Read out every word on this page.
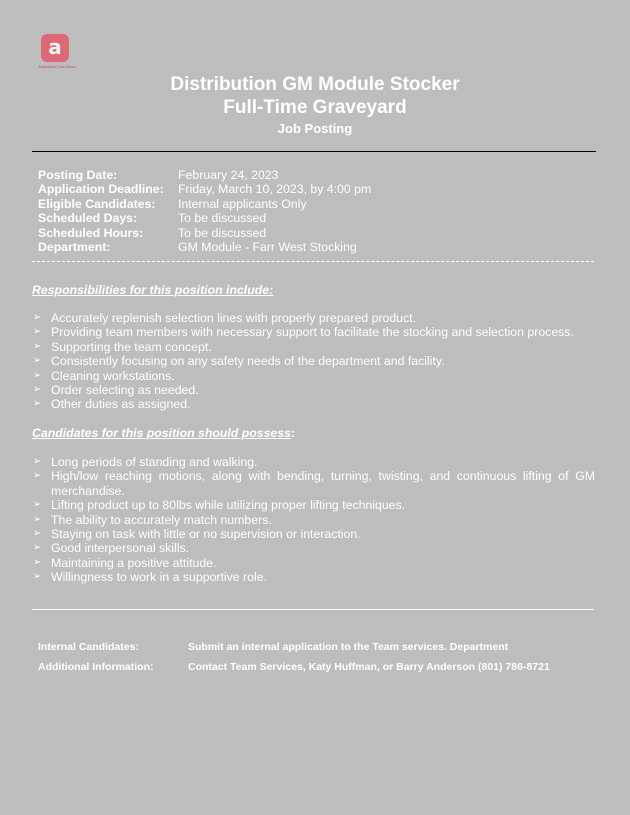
a
Associated Food Stores
Distribution GM Module Stocker
Full-Time Graveyard
Job Posting
Posting Date:	February 24, 2023
Application Deadline:	Friday, March 10, 2023, by 4:00 pm
Eligible Candidates:	Internal applicants Only
Scheduled Days:	To be discussed
Scheduled Hours:	To be discussed
Department:	GM Module - Farr West Stocking
Responsibilities for this position include:
➢ Accurately replenish selection lines with properly prepared product.
➢ Providing team members with necessary support to facilitate the stocking and selection process.
➢ Supporting the team concept.
➢ Consistently focusing on any safety needs of the department and facility.
➢ Cleaning workstations.
➢ Order selecting as needed.
➢ Other duties as assigned.
Candidates for this position should possess:
➢ Long periods of standing and walking.
➢ High/low reaching motions, along with bending, turning, twisting, and continuous lifting of GM merchandise.
➢ Lifting product up to 80lbs while utilizing proper lifting techniques.
➢ The ability to accurately match numbers.
➢ Staying on task with little or no supervision or interaction.
➢ Good interpersonal skills.
➢ Maintaining a positive attitude.
➢ Willingness to work in a supportive role.
Internal Candidates:	Submit an internal application to the Team services. Department
Additional Information:	Contact Team Services, Katy Huffman, or Barry Anderson (801) 786-8721
